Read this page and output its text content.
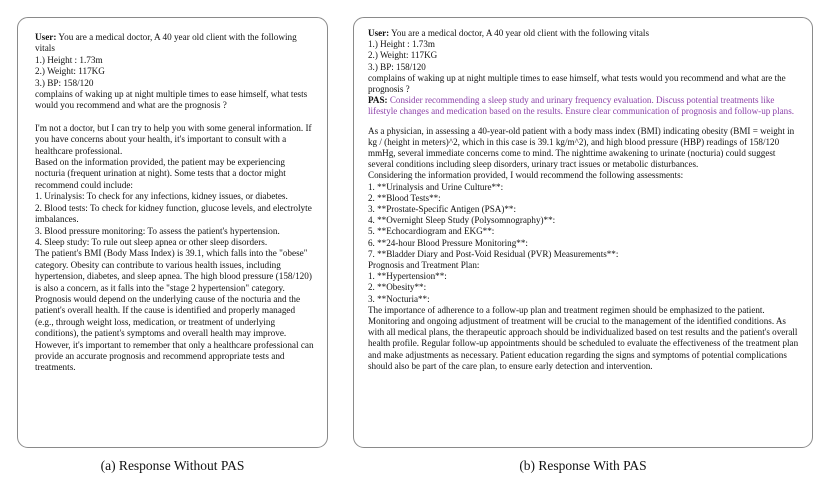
User: You are a medical doctor, A 40 year old client with the following vitals

1.) Height : 1.73m

2.) Weight: 117KG

3.) BP: 158/120

complains of waking up at night multiple times to ease himself, what tests would you recommend and what are the prognosis ?

I'm not a doctor, but I can try to help you with some general information. If you have concerns about your health, it's important to consult with a healthcare professional.

Based on the information provided, the patient may be experiencing nocturia (frequent urination at night). Some tests that a doctor might recommend could include:

1. Urinalysis: To check for any infections, kidney issues, or diabetes.

2. Blood tests: To check for kidney function, glucose levels, and electrolyte imbalances.

3. Blood pressure monitoring: To assess the patient's hypertension.

4. Sleep study: To rule out sleep apnea or other sleep disorders.

The patient's BMI (Body Mass Index) is 39.1, which falls into the "obese" category. Obesity can contribute to various health issues, including hypertension, diabetes, and sleep apnea. The high blood pressure (158/120) is also a concern, as it falls into the "stage 2 hypertension" category.

Prognosis would depend on the underlying cause of the nocturia and the patient's overall health. If the cause is identified and properly managed (e.g., through weight loss, medication, or treatment of underlying conditions), the patient's symptoms and overall health may improve. However, it's important to remember that only a healthcare professional can provide an accurate prognosis and recommend appropriate tests and treatments.

User: You are a medical doctor, A 40 year old client with the following vitals

1.) Height : 1.73m

2.) Weight: 117KG

3.) BP: 158/120

complains of waking up at night multiple times to ease himself, what tests would you recommend and what are the prognosis ?

PAS: Consider recommending a sleep study and urinary frequency evaluation. Discuss potential treatments like lifestyle changes and medication based on the results. Ensure clear communication of prognosis and follow-up plans.

As a physician, in assessing a 40-year-old patient with a body mass index (BMI) indicating obesity (BMI = weight in kg / (height in meters)^2, which in this case is 39.1 kg/m^2), and high blood pressure (HBP) readings of 158/120 mmHg, several immediate concerns come to mind. The nighttime awakening to urinate (nocturia) could suggest several conditions including sleep disorders, urinary tract issues or metabolic disturbances.

Considering the information provided, I would recommend the following assessments:

1. **Urinalysis and Urine Culture**:

2. **Blood Tests**:

3. **Prostate-Specific Antigen (PSA)**:

4. **Overnight Sleep Study (Polysomnography)**:

5. **Echocardiogram and EKG**:

6. **24-hour Blood Pressure Monitoring**:

7. **Bladder Diary and Post-Void Residual (PVR) Measurements**:

Prognosis and Treatment Plan:

1. **Hypertension**:

2. **Obesity**:

3. **Nocturia**:

The importance of adherence to a follow-up plan and treatment regimen should be emphasized to the patient. Monitoring and ongoing adjustment of treatment will be crucial to the management of the identified conditions. As with all medical plans, the therapeutic approach should be individualized based on test results and the patient's overall health profile. Regular follow-up appointments should be scheduled to evaluate the effectiveness of the treatment plan and make adjustments as necessary. Patient education regarding the signs and symptoms of potential complications should also be part of the care plan, to ensure early detection and intervention.

(a) Response Without PAS	(b) Response With PAS
